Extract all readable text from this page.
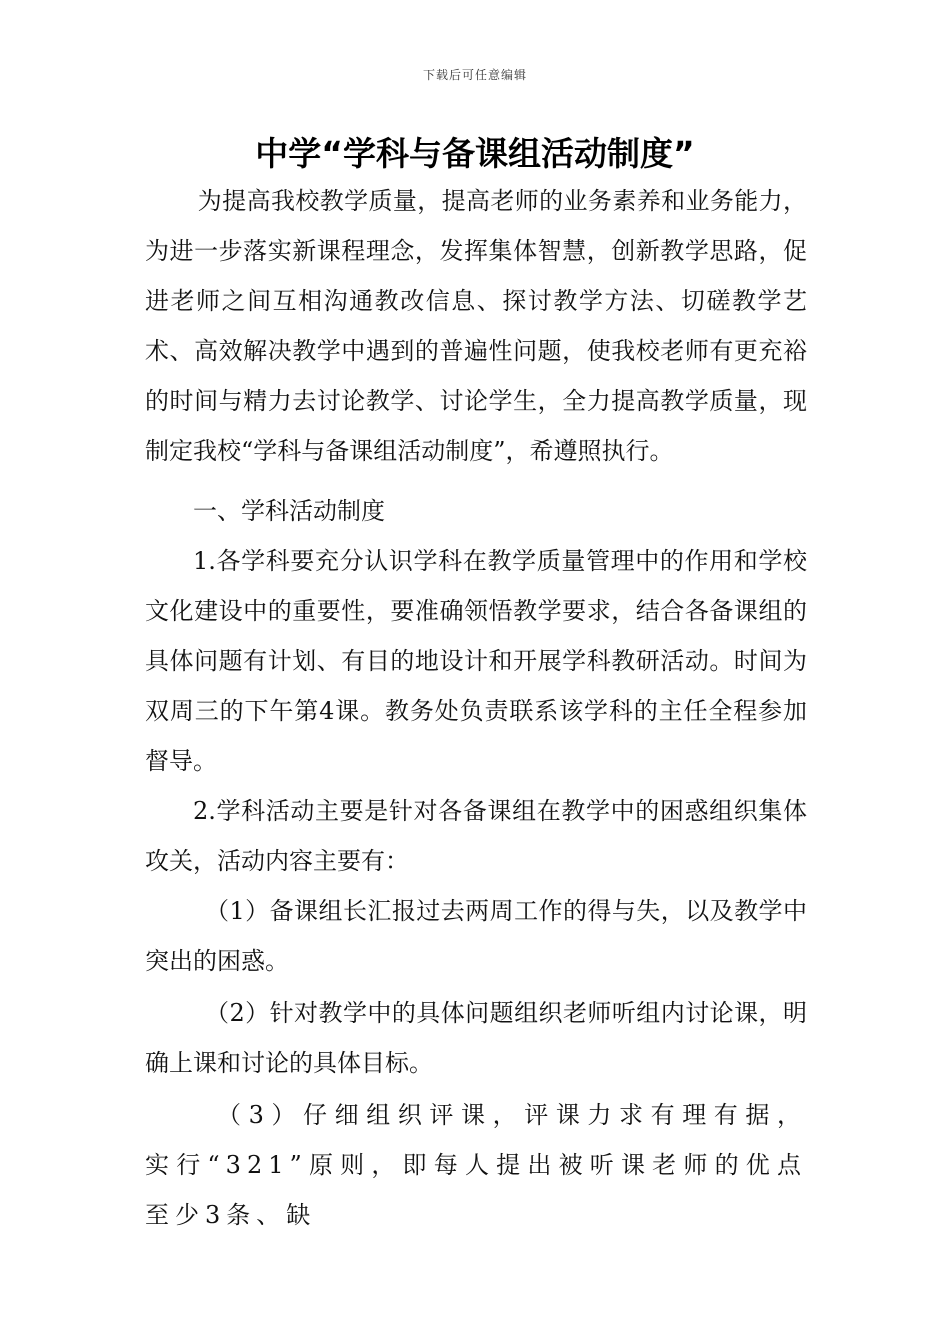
下载后可任意编辑
中学“学科与备课组活动制度”

为提高我校教学质量，提高老师的业务素养和业务能力，为进一步落实新课程理念，发挥集体智慧，创新教学思路，促进老师之间互相沟通教改信息、探讨教学方法、切磋教学艺术、高效解决教学中遇到的普遍性问题，使我校老师有更充裕的时间与精力去讨论教学、讨论学生，全力提高教学质量，现制定我校“学科与备课组活动制度”，希遵照执行。

一、学科活动制度

1.各学科要充分认识学科在教学质量管理中的作用和学校文化建设中的重要性，要准确领悟教学要求，结合各备课组的具体问题有计划、有目的地设计和开展学科教研活动。时间为双周三的下午第4课。教务处负责联系该学科的主任全程参加督导。

2.学科活动主要是针对各备课组在教学中的困惑组织集体攻关，活动内容主要有：

（1）备课组长汇报过去两周工作的得与失，以及教学中突出的困惑。

（2）针对教学中的具体问题组织老师听组内讨论课，明确上课和讨论的具体目标。

（3）仔细组织评课，评课力求有理有据，实行“321”原则，即每人提出被听课老师的优点至少3条、缺
